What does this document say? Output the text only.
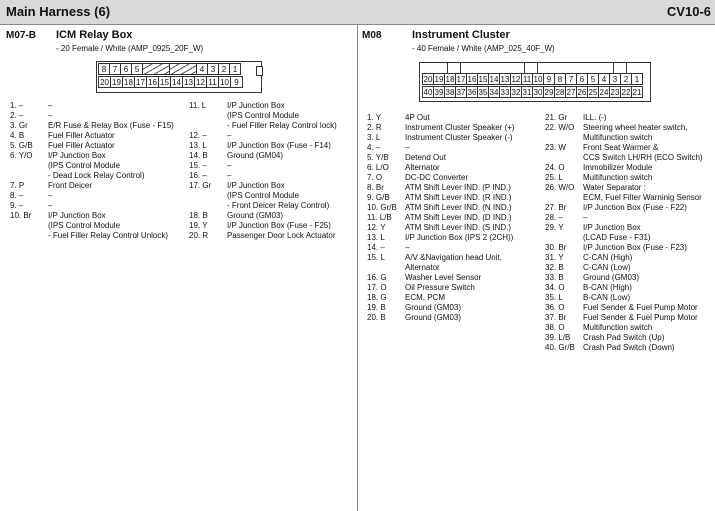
Main Harness (6)	CV10-6
M07-B ICM Relay Box
- 20 Female / White (AMP_0925_20F_W)
8 7 6 5	4 3 2 1
20 19 18 17 16 15 14 13 12 11 10 9
1. –	–
2. –	–
3. Gr	E/R Fuse & Relay Box (Fuse - F15)
4. B	Fuel Filler Actuator
5. G/B	Fuel Filler Actuator
6. Y/O	I/P Junction Box
(IPS Control Module
- Dead Lock Relay Control)
7. P	Front Deicer
8. –	–
9. –	–
10. Br	I/P Junction Box
(IPS Control Module
- Fuel Filler Relay Control Unlock)
11. L	I/P Junction Box
(IPS Control Module
- Fuel Filler Relay Control lock)
12. –	–
13. L	I/P Junction Box (Fuse - F14)
14. B	Ground (GM04)
15. –	–
16. –	–
17. Gr	I/P Junction Box
(IPS Control Module
- Front Deicer Relay Control)
18. B	Ground (GM03)
19. Y	I/P Junction Box (Fuse - F25)
20. R	Passenger Door Lock Actuator
M08	Instrument Cluster
- 40 Female / White (AMP_025_40F_W)
20 19 18 17 16 15 14 13 12 11 10 9 8 7 6 5 4 3 2 1
40 39 38 37 36 35 34 33 32 31 30 29 28 27 26 25 24 23 22 21
1. Y	4P Out
2. R	Instrument Cluster Speaker (+)
3. L	Instrument Cluster Speaker (-)
4. –	–
5. Y/B	Detend Out
6. L/O	Alternator
7. O	DC-DC Converter
8. Br	ATM Shift Lever IND. (P IND.)
9. G/B	ATM Shift Lever IND. (R IND.)
10. Gr/B	ATM Shift Lever IND. (N IND.)
11. L/B	ATM Shift Lever IND. (D IND.)
12. Y	ATM Shift Lever IND. (S IND.)
13. L	I/P Junction Box (IPS 2 (2CH))
14. –	–
15. L	A/V &Navigation head Unit,
Alternator
16. G	Washer Level Sensor
17. O	Oil Pressure Switch
18. G	ECM, PCM
19. B	Ground (GM03)
20. B	Ground (GM03)
21. Gr	ILL. (-)
22. W/O	Steering wheel heater switch,
Multifunction switch
23. W	Front Seat Warmer &
CCS Switch LH/RH (ECO Switch)
24. O	Immobilizer Module
25. L	Multifunction switch
26. W/O	Water Separator :
ECM, Fuel Filter Warninig Sensor
27. Br	I/P Junction Box (Fuse - F22)
28. –	–
29. Y	I/P Junction Box
(LCAD Fuse - F31)
30. Br	I/P Junction Box (Fuse - F23)
31. Y	C-CAN (High)
32. B	C-CAN (Low)
33. B	Ground (GM03)
34. O	B-CAN (High)
35. L	B-CAN (Low)
36. O	Fuel Sender & Fuel Pump Motor
37. Br	Fuel Sender & Fuel Pump Motor
38. O	Multifunction switch
39. L/B	Crash Pad Switch (Up)
40. Gr/B	Crash Pad Switch (Down)
